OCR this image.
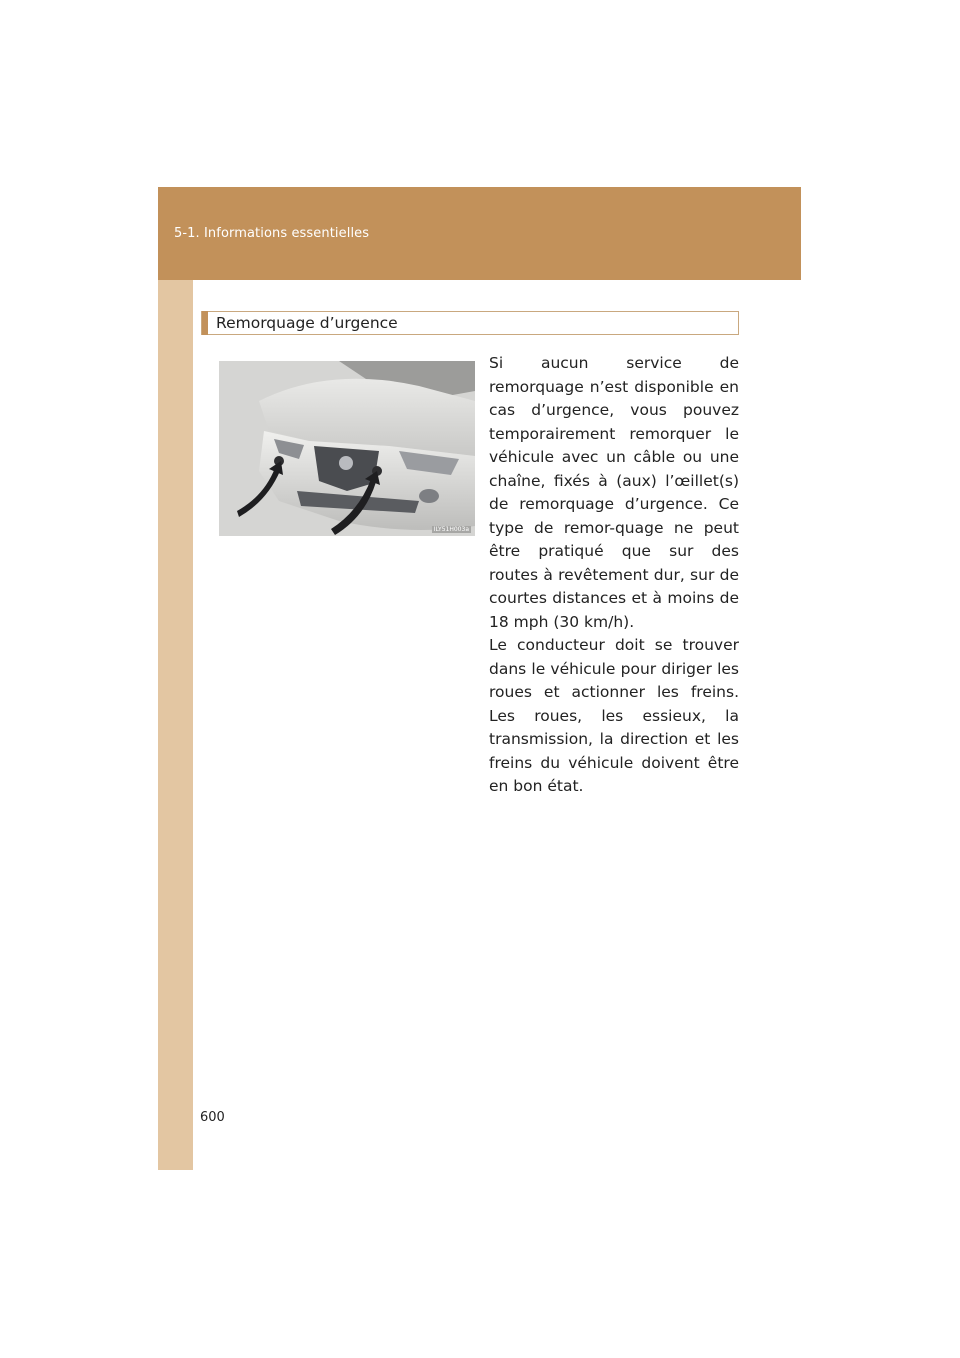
5-1. Informations essentielles
Remorquage d’urgence
ILY51H003a

Si aucun service de remorquage n’est disponible en cas d’urgence, vous pouvez temporairement remorquer le véhicule avec un câble ou une chaîne, fixés à (aux) l’œillet(s) de remorquage d’urgence. Ce type de remor-quage ne peut être pratiqué que sur des routes à revêtement dur, sur de courtes distances et à moins de 18 mph (30 km/h).

Le conducteur doit se trouver dans le véhicule pour diriger les roues et actionner les freins. Les roues, les essieux, la transmission, la direction et les freins du véhicule doivent être en bon état.

600
